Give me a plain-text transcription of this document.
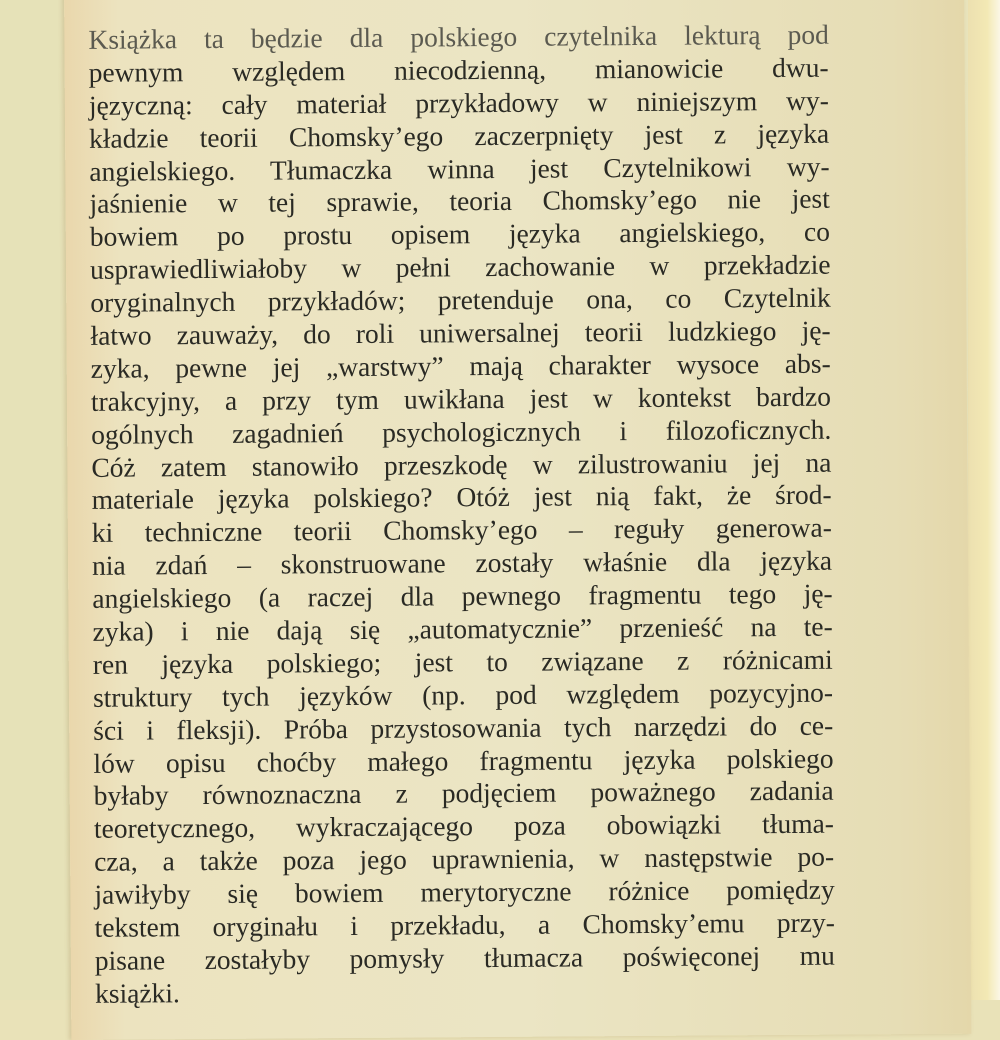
Książka ta będzie dla polskiego czytelnika lekturą pod
pewnym względem niecodzienną, mianowicie dwu-
języczną: cały materiał przykładowy w niniejszym wy-
kładzie teorii Chomsky’ego zaczerpnięty jest z języka
angielskiego. Tłumaczka winna jest Czytelnikowi wy-
jaśnienie w tej sprawie, teoria Chomsky’ego nie jest
bowiem po prostu opisem języka angielskiego, co
usprawiedliwiałoby w pełni zachowanie w przekładzie
oryginalnych przykładów; pretenduje ona, co Czytelnik
łatwo zauważy, do roli uniwersalnej teorii ludzkiego ję-
zyka, pewne jej „warstwy” mają charakter wysoce abs-
trakcyjny, a przy tym uwikłana jest w kontekst bardzo
ogólnych zagadnień psychologicznych i filozoficznych.
Cóż zatem stanowiło przeszkodę w zilustrowaniu jej na
materiale języka polskiego? Otóż jest nią fakt, że środ-
ki techniczne teorii Chomsky’ego – reguły generowa-
nia zdań – skonstruowane zostały właśnie dla języka
angielskiego (a raczej dla pewnego fragmentu tego ję-
zyka) i nie dają się „automatycznie” przenieść na te-
ren języka polskiego; jest to związane z różnicami
struktury tych języków (np. pod względem pozycyjno-
ści i fleksji). Próba przystosowania tych narzędzi do ce-
lów opisu choćby małego fragmentu języka polskiego
byłaby równoznaczna z podjęciem poważnego zadania
teoretycznego, wykraczającego poza obowiązki tłuma-
cza, a także poza jego uprawnienia, w następstwie po-
jawiłyby się bowiem merytoryczne różnice pomiędzy
tekstem oryginału i przekładu, a Chomsky’emu przy-
pisane zostałyby pomysły tłumacza poświęconej mu
książki.
